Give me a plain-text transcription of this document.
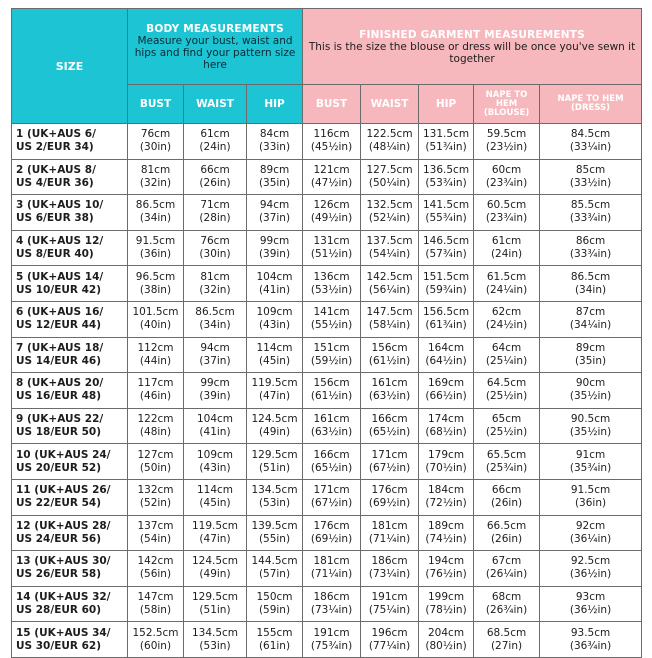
SIZE	BODY MEASUREMENTS
Measure your bust, waist and hips and find your pattern size here			FINISHED GARMENT MEASUREMENTS
This is the size the blouse or dress will be once you've sewn it together				

	BUST	WAIST	HIP	BUST	WAIST	HIP	NAPE TO HEM (BLOUSE)	NAPE TO HEM (DRESS)

1 (UK+AUS 6/
US 2/EUR 34)	76cm
(30in)	61cm
(24in)	84cm
(33in)	116cm
(45½in)	122.5cm
(48¼in)	131.5cm
(51¾in)	59.5cm
(23½in)	84.5cm
(33¼in)

2 (UK+AUS 8/
US 4/EUR 36)	81cm
(32in)	66cm
(26in)	89cm
(35in)	121cm
(47½in)	127.5cm
(50¼in)	136.5cm
(53¾in)	60cm
(23¾in)	85cm
(33½in)

3 (UK+AUS 10/
US 6/EUR 38)	86.5cm
(34in)	71cm
(28in)	94cm
(37in)	126cm
(49½in)	132.5cm
(52¼in)	141.5cm
(55¾in)	60.5cm
(23¾in)	85.5cm
(33¾in)

4 (UK+AUS 12/
US 8/EUR 40)	91.5cm
(36in)	76cm
(30in)	99cm
(39in)	131cm
(51½in)	137.5cm
(54¼in)	146.5cm
(57¾in)	61cm
(24in)	86cm
(33¾in)

5 (UK+AUS 14/
US 10/EUR 42)	96.5cm
(38in)	81cm
(32in)	104cm
(41in)	136cm
(53½in)	142.5cm
(56¼in)	151.5cm
(59¾in)	61.5cm
(24¼in)	86.5cm
(34in)

6 (UK+AUS 16/
US 12/EUR 44)	101.5cm
(40in)	86.5cm
(34in)	109cm
(43in)	141cm
(55½in)	147.5cm
(58¼in)	156.5cm
(61¾in)	62cm
(24½in)	87cm
(34¼in)

7 (UK+AUS 18/
US 14/EUR 46)	112cm
(44in)	94cm
(37in)	114cm
(45in)	151cm
(59½in)	156cm
(61½in)	164cm
(64½in)	64cm
(25¼in)	89cm
(35in)

8 (UK+AUS 20/
US 16/EUR 48)	117cm
(46in)	99cm
(39in)	119.5cm
(47in)	156cm
(61½in)	161cm
(63½in)	169cm
(66½in)	64.5cm
(25½in)	90cm
(35½in)

9 (UK+AUS 22/
US 18/EUR 50)	122cm
(48in)	104cm
(41in)	124.5cm
(49in)	161cm
(63½in)	166cm
(65½in)	174cm
(68½in)	65cm
(25½in)	90.5cm
(35½in)

10 (UK+AUS 24/
US 20/EUR 52)	127cm
(50in)	109cm
(43in)	129.5cm
(51in)	166cm
(65½in)	171cm
(67½in)	179cm
(70½in)	65.5cm
(25¾in)	91cm
(35¾in)

11 (UK+AUS 26/
US 22/EUR 54)	132cm
(52in)	114cm
(45in)	134.5cm
(53in)	171cm
(67½in)	176cm
(69½in)	184cm
(72½in)	66cm
(26in)	91.5cm
(36in)

12 (UK+AUS 28/
US 24/EUR 56)	137cm
(54in)	119.5cm
(47in)	139.5cm
(55in)	176cm
(69½in)	181cm
(71¼in)	189cm
(74½in)	66.5cm
(26in)	92cm
(36¼in)

13 (UK+AUS 30/
US 26/EUR 58)	142cm
(56in)	124.5cm
(49in)	144.5cm
(57in)	181cm
(71¼in)	186cm
(73¼in)	194cm
(76½in)	67cm
(26¼in)	92.5cm
(36½in)

14 (UK+AUS 32/
US 28/EUR 60)	147cm
(58in)	129.5cm
(51in)	150cm
(59in)	186cm
(73¼in)	191cm
(75¼in)	199cm
(78½in)	68cm
(26¾in)	93cm
(36½in)

15 (UK+AUS 34/
US 30/EUR 62)	152.5cm
(60in)	134.5cm
(53in)	155cm
(61in)	191cm
(75¾in)	196cm
(77¼in)	204cm
(80½in)	68.5cm
(27in)	93.5cm
(36¾in)
